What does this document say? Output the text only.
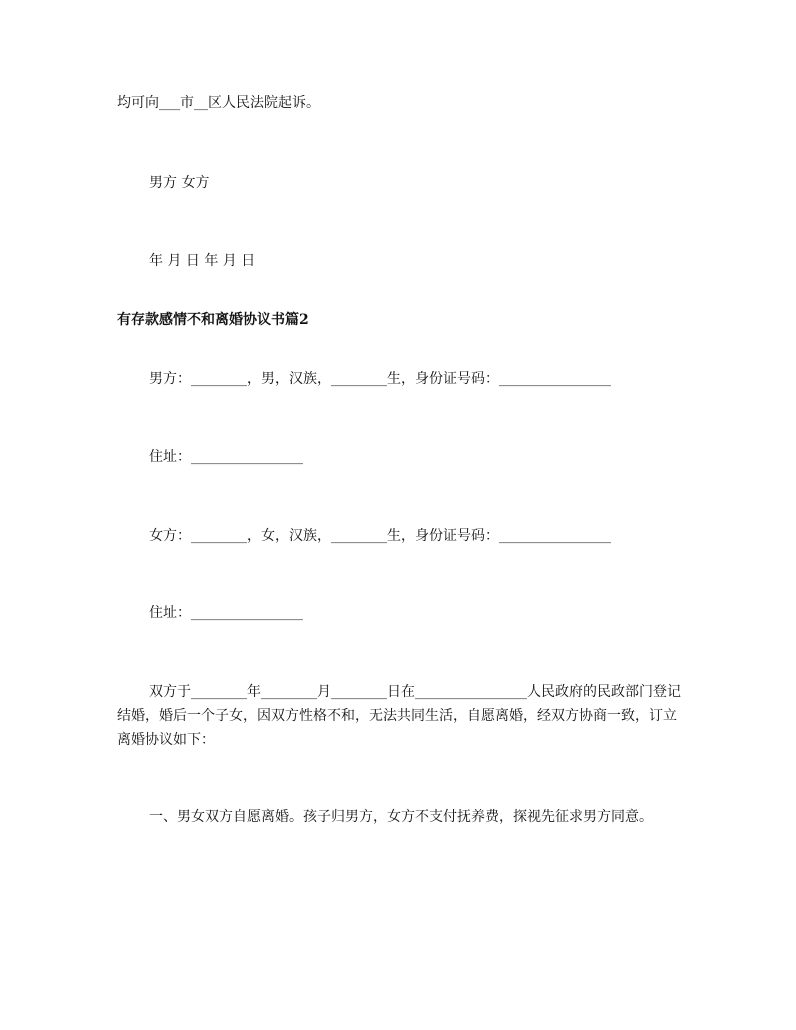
均可向___市__区人民法院起诉。
男方 女方
年 月 日 年 月 日
有存款感情不和离婚协议书篇2
男方：________，男，汉族，________生，身份证号码：________________
住址：________________
女方：________，女，汉族，________生，身份证号码：________________
住址：________________
双方于________年________月________日在________________人民政府的民政部门登记结婚，婚后一个子女，因双方性格不和，无法共同生活，自愿离婚，经双方协商一致，订立离婚协议如下：
一、男女双方自愿离婚。孩子归男方，女方不支付抚养费，探视先征求男方同意。
